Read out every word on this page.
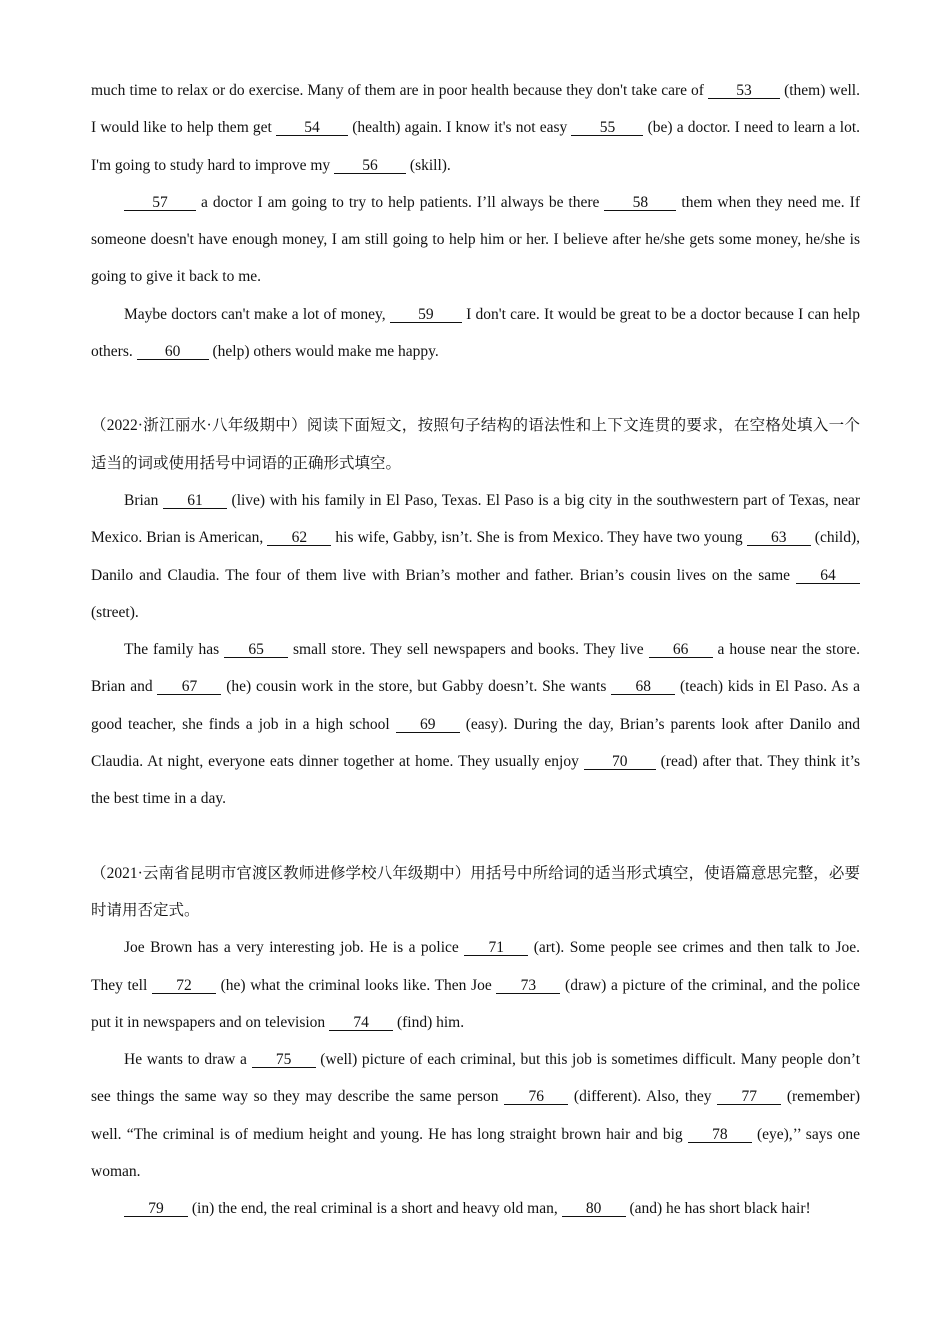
much time to relax or do exercise. Many of them are in poor health because they don't take care of 53 (them) well. I would like to help them get 54 (health) again. I know it's not easy 55 (be) a doctor. I need to learn a lot. I'm going to study hard to improve my 56 (skill).

57 a doctor I am going to try to help patients. I’ll always be there 58 them when they need me. If someone doesn't have enough money, I am still going to help him or her. I believe after he/she gets some money, he/she is going to give it back to me.

Maybe doctors can't make a lot of money, 59 I don't care. It would be great to be a doctor because I can help others. 60 (help) others would make me happy.

（2022·浙江丽水·八年级期中）阅读下面短文，按照句子结构的语法性和上下文连贯的要求，在空格处填入一个适当的词或使用括号中词语的正确形式填空。

Brian 61 (live) with his family in El Paso, Texas. El Paso is a big city in the southwestern part of Texas, near Mexico. Brian is American, 62 his wife, Gabby, isn’t. She is from Mexico. They have two young 63 (child), Danilo and Claudia. The four of them live with Brian’s mother and father. Brian’s cousin lives on the same 64 (street).

The family has 65 small store. They sell newspapers and books. They live 66 a house near the store. Brian and 67 (he) cousin work in the store, but Gabby doesn’t. She wants 68 (teach) kids in El Paso. As a good teacher, she finds a job in a high school 69 (easy). During the day, Brian’s parents look after Danilo and Claudia. At night, everyone eats dinner together at home. They usually enjoy 70 (read) after that. They think it’s the best time in a day.

（2021·云南省昆明市官渡区教师进修学校八年级期中）用括号中所给词的适当形式填空，使语篇意思完整，必要时请用否定式。

Joe Brown has a very interesting job. He is a police 71 (art). Some people see crimes and then talk to Joe. They tell 72 (he) what the criminal looks like. Then Joe 73 (draw) a picture of the criminal, and the police put it in newspapers and on television 74 (find) him.

He wants to draw a 75 (well) picture of each criminal, but this job is sometimes difficult. Many people don’t see things the same way so they may describe the same person 76 (different). Also, they 77 (remember) well. “The criminal is of medium height and young. He has long straight brown hair and big 78 (eye),’’ says one woman.

79 (in) the end, the real criminal is a short and heavy old man, 80 (and) he has short black hair!
